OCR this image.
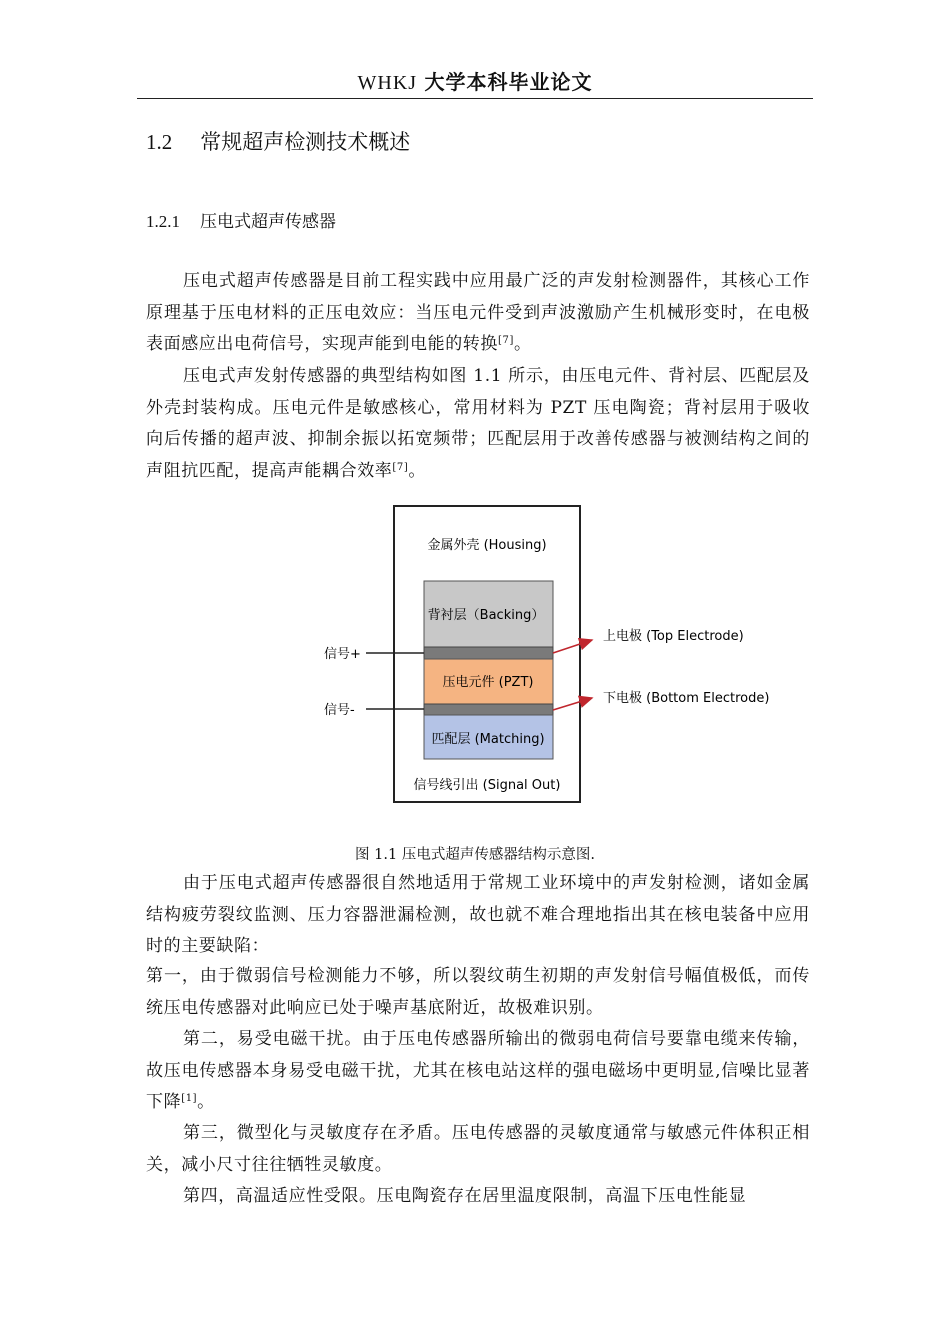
WHKJ 大学本科毕业论文
1.2 常规超声检测技术概述
1.2.1 压电式超声传感器
压电式超声传感器是目前工程实践中应用最广泛的声发射检测器件，其核心工作原理基于压电材料的正压电效应：当压电元件受到声波激励产生机械形变时，在电极表面感应出电荷信号，实现声能到电能的转换[7]。
压电式声发射传感器的典型结构如图 1.1 所示，由压电元件、背衬层、匹配层及外壳封装构成。压电元件是敏感核心，常用材料为 PZT 压电陶瓷；背衬层用于吸收向后传播的超声波、抑制余振以拓宽频带；匹配层用于改善传感器与被测结构之间的声阻抗匹配，提高声能耦合效率[7]。
金属外壳 (Housing)
背衬层（Backing）
压电元件 (PZT)
匹配层 (Matching)
信号线引出 (Signal Out)
信号+
信号-
上电极 (Top Electrode)
下电极 (Bottom Electrode)
图 1.1 压电式超声传感器结构示意图.
由于压电式超声传感器很自然地适用于常规工业环境中的声发射检测，诸如金属结构疲劳裂纹监测、压力容器泄漏检测，故也就不难合理地指出其在核电装备中应用时的主要缺陷：
第一，由于微弱信号检测能力不够，所以裂纹萌生初期的声发射信号幅值极低，而传统压电传感器对此响应已处于噪声基底附近，故极难识别。
第二，易受电磁干扰。由于压电传感器所输出的微弱电荷信号要靠电缆来传输，故压电传感器本身易受电磁干扰，尤其在核电站这样的强电磁场中更明显,信噪比显著下降[1]。
第三，微型化与灵敏度存在矛盾。压电传感器的灵敏度通常与敏感元件体积正相关，减小尺寸往往牺牲灵敏度。
第四，高温适应性受限。压电陶瓷存在居里温度限制，高温下压电性能显
